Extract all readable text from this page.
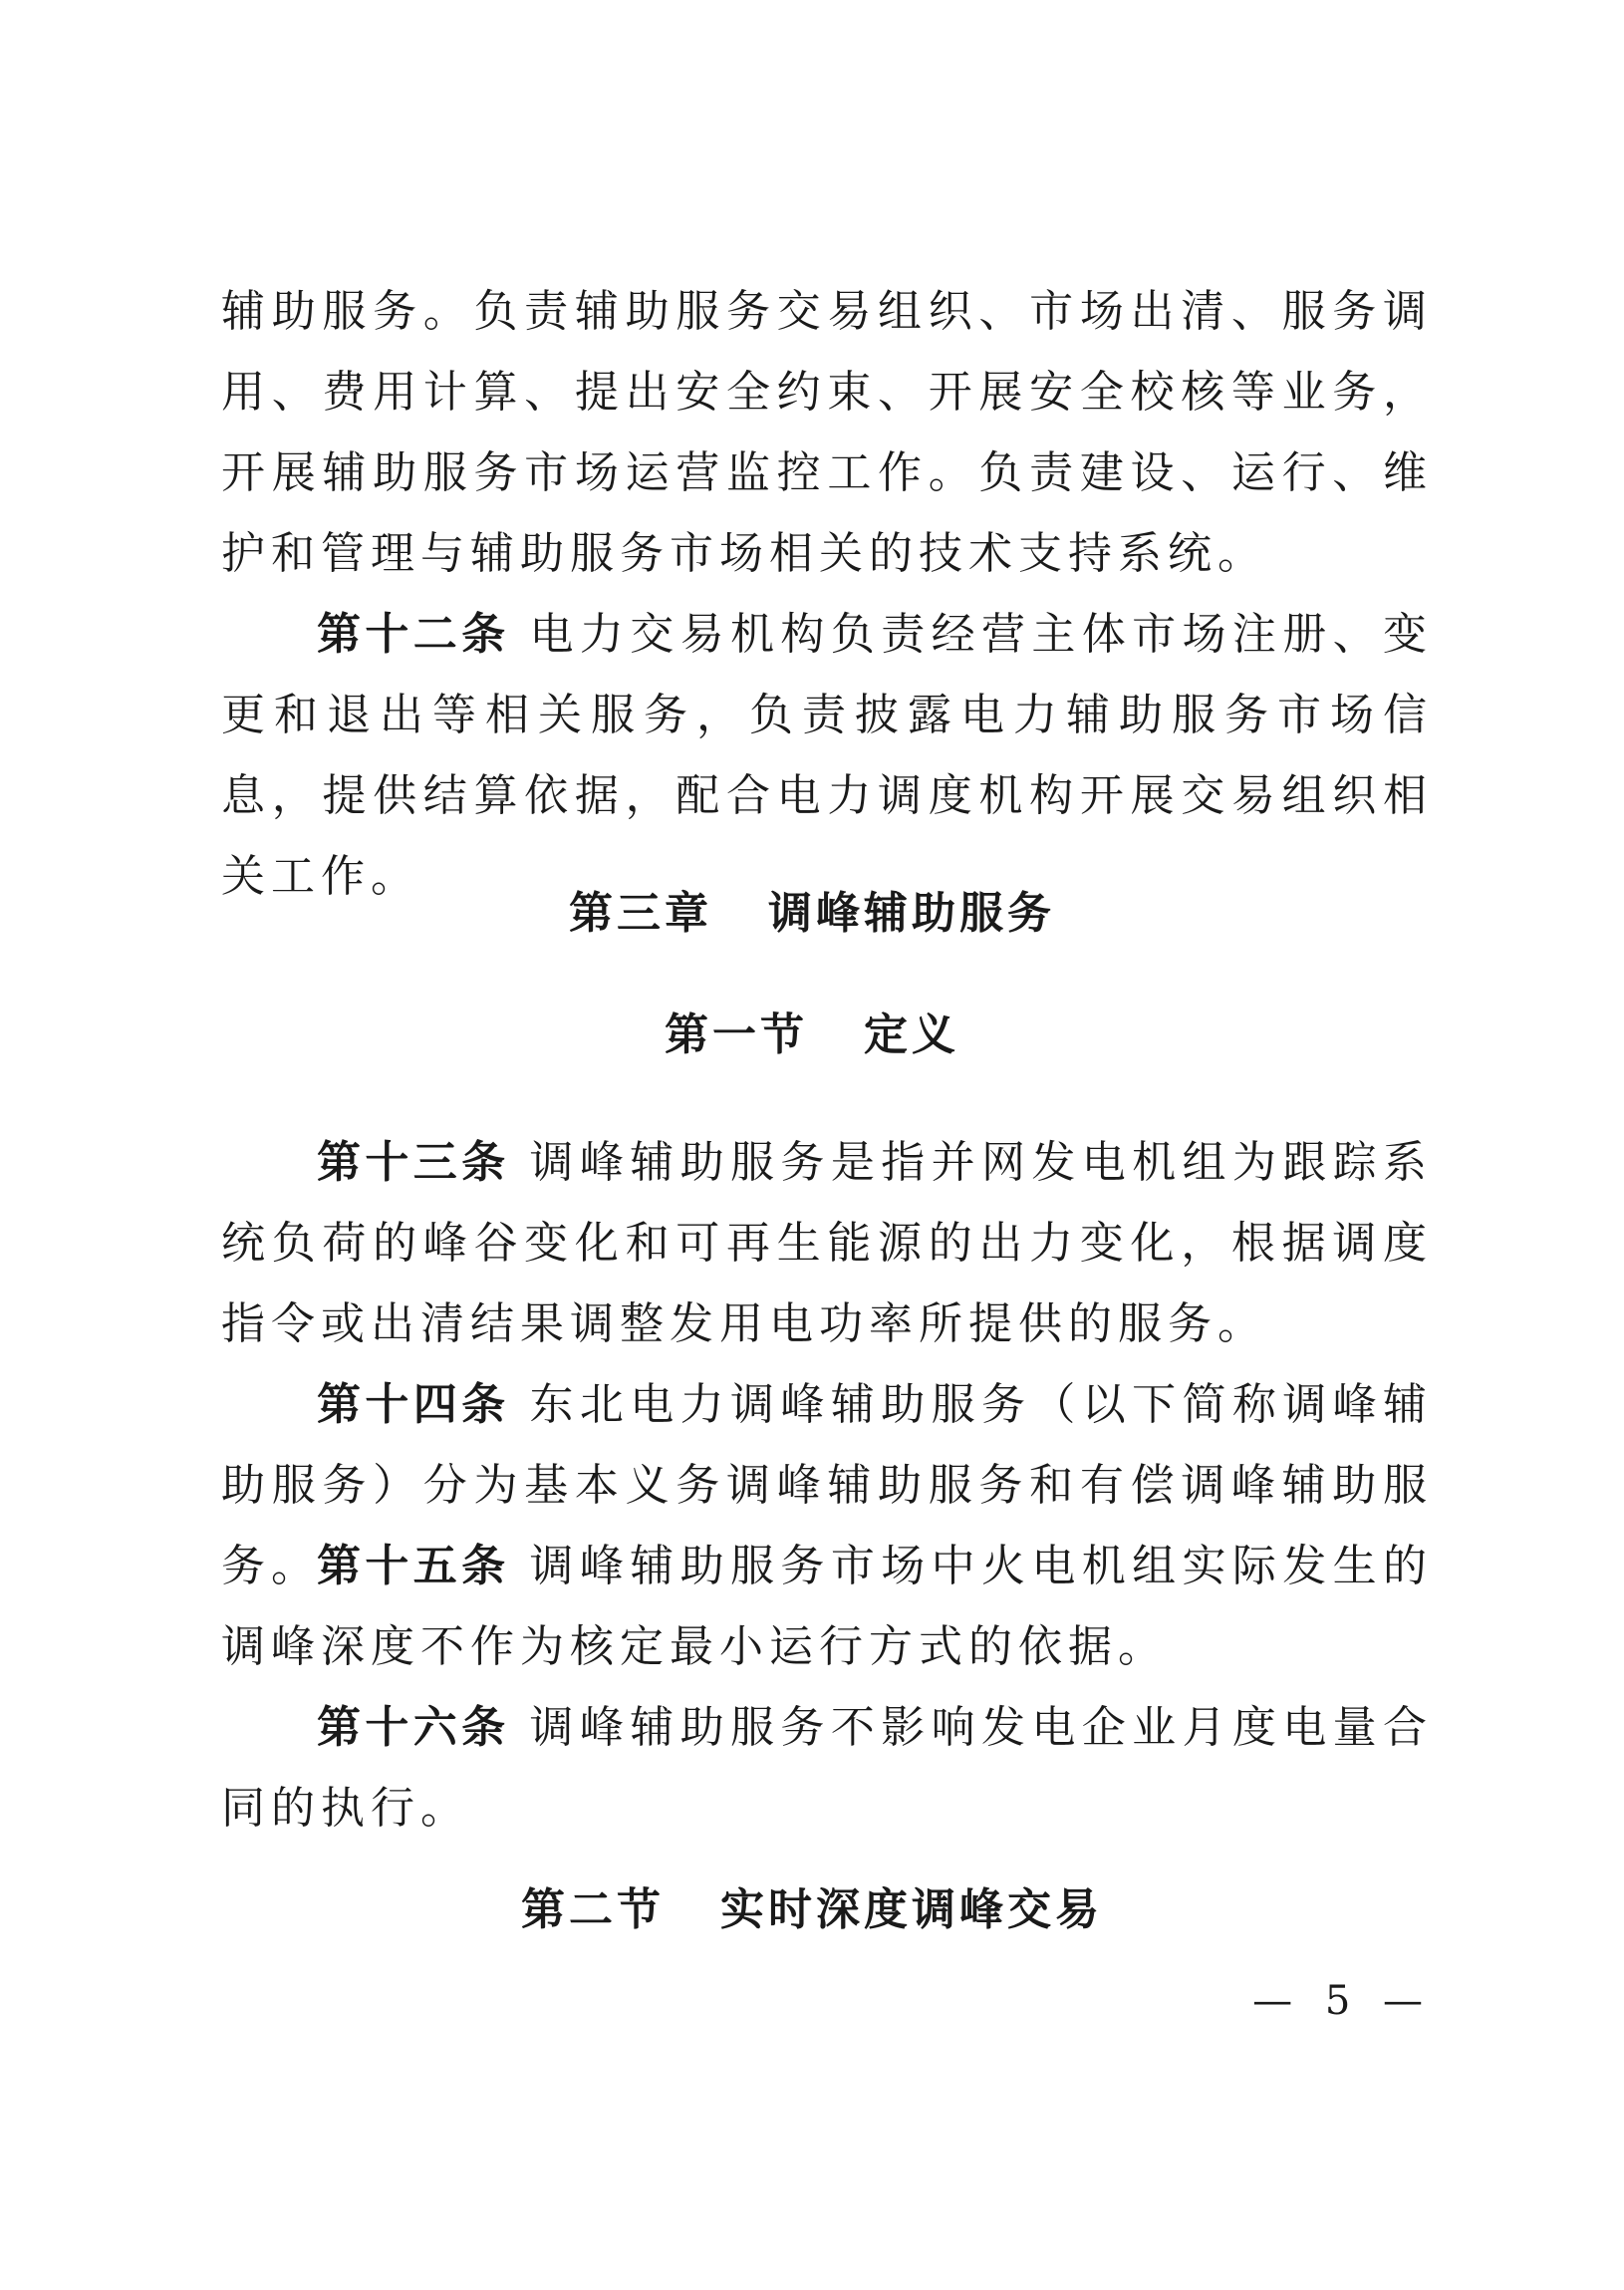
辅助服务。负责辅助服务交易组织、市场出清、服务调用、费用计算、提出安全约束、开展安全校核等业务，开展辅助服务市场运营监控工作。负责建设、运行、维护和管理与辅助服务市场相关的技术支持系统。

第十二条 电力交易机构负责经营主体市场注册、变更和退出等相关服务，负责披露电力辅助服务市场信息，提供结算依据，配合电力调度机构开展交易组织相关工作。

第三章 调峰辅助服务
第一节 定义

第十三条 调峰辅助服务是指并网发电机组为跟踪系统负荷的峰谷变化和可再生能源的出力变化，根据调度指令或出清结果调整发用电功率所提供的服务。

第十四条 东北电力调峰辅助服务（以下简称调峰辅助服务）分为基本义务调峰辅助服务和有偿调峰辅助服务。

第十五条 调峰辅助服务市场中火电机组实际发生的调峰深度不作为核定最小运行方式的依据。

第十六条 调峰辅助服务不影响发电企业月度电量合同的执行。

第二节 实时深度调峰交易
— 5 —
